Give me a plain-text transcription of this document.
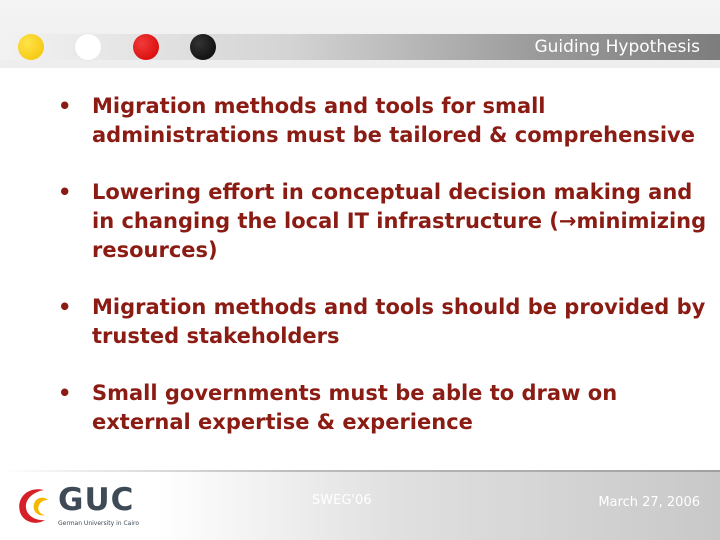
Guiding Hypothesis
• Migration methods and tools for small administrations must be tailored & comprehensive
• Lowering effort in conceptual decision making and in changing the local IT infrastructure (→minimizing resources)
• Migration methods and tools should be provided by trusted stakeholders
• Small governments must be able to draw on external expertise & experience
GUC
German University in Cairo
SWEG'06	March 27, 2006
